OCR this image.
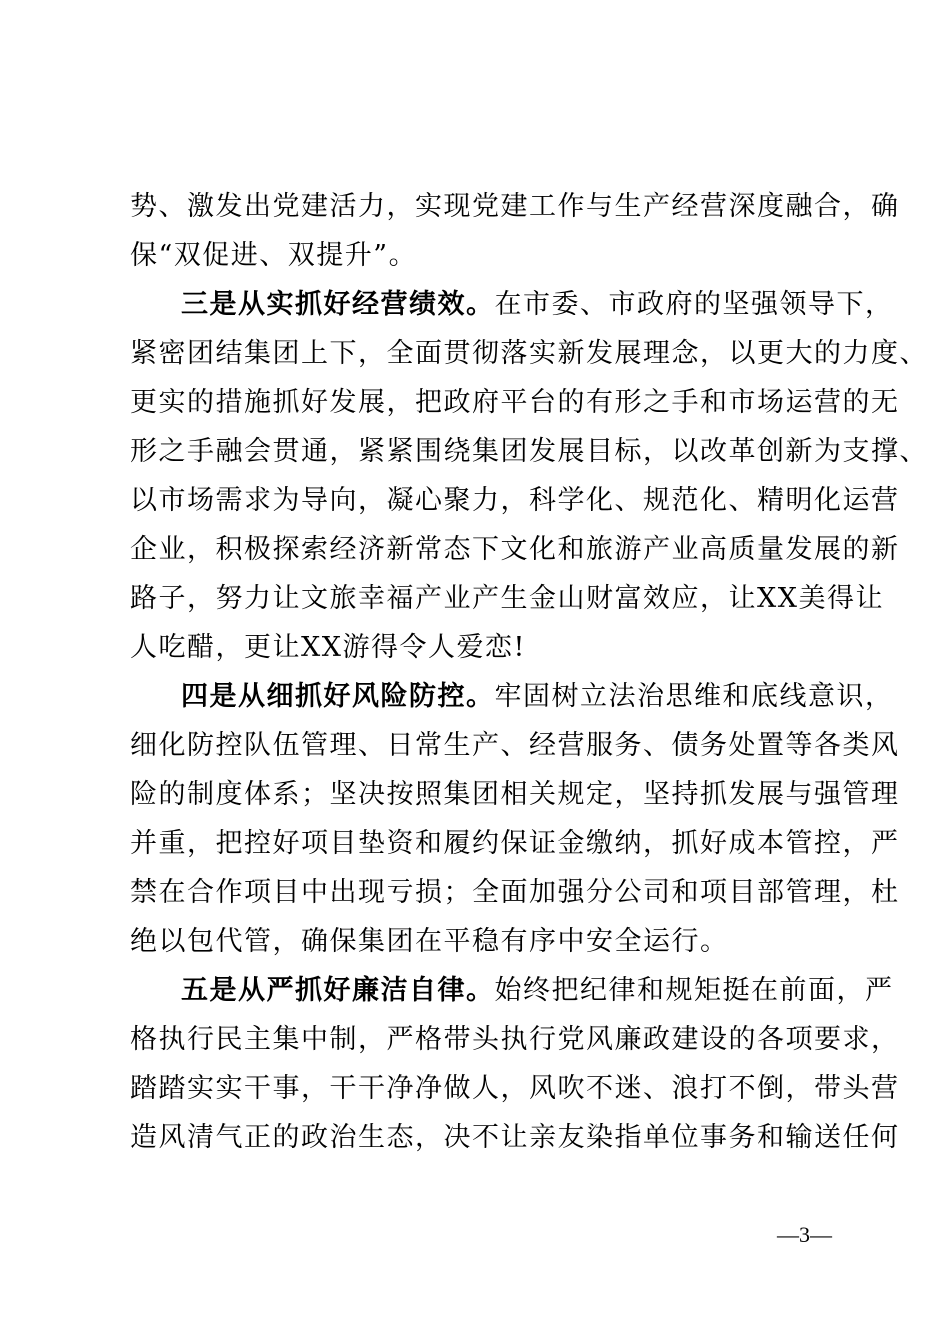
势、激发出党建活力，实现党建工作与生产经营深度融合，确
保“双促进、双提升”。
三是从实抓好经营绩效。在市委、市政府的坚强领导下，
紧密团结集团上下，全面贯彻落实新发展理念，以更大的力度、
更实的措施抓好发展，把政府平台的有形之手和市场运营的无
形之手融会贯通，紧紧围绕集团发展目标，以改革创新为支撑、
以市场需求为导向，凝心聚力，科学化、规范化、精明化运营
企业，积极探索经济新常态下文化和旅游产业高质量发展的新
路子，努力让文旅幸福产业产生金山财富效应，让XX美得让
人吃醋，更让XX游得令人爱恋!
四是从细抓好风险防控。牢固树立法治思维和底线意识，
细化防控队伍管理、日常生产、经营服务、债务处置等各类风
险的制度体系；坚决按照集团相关规定，坚持抓发展与强管理
并重，把控好项目垫资和履约保证金缴纳，抓好成本管控，严
禁在合作项目中出现亏损；全面加强分公司和项目部管理，杜
绝以包代管，确保集团在平稳有序中安全运行。
五是从严抓好廉洁自律。始终把纪律和规矩挺在前面，严
格执行民主集中制，严格带头执行党风廉政建设的各项要求，
踏踏实实干事，干干净净做人，风吹不迷、浪打不倒，带头营
造风清气正的政治生态，决不让亲友染指单位事务和输送任何
—3—
